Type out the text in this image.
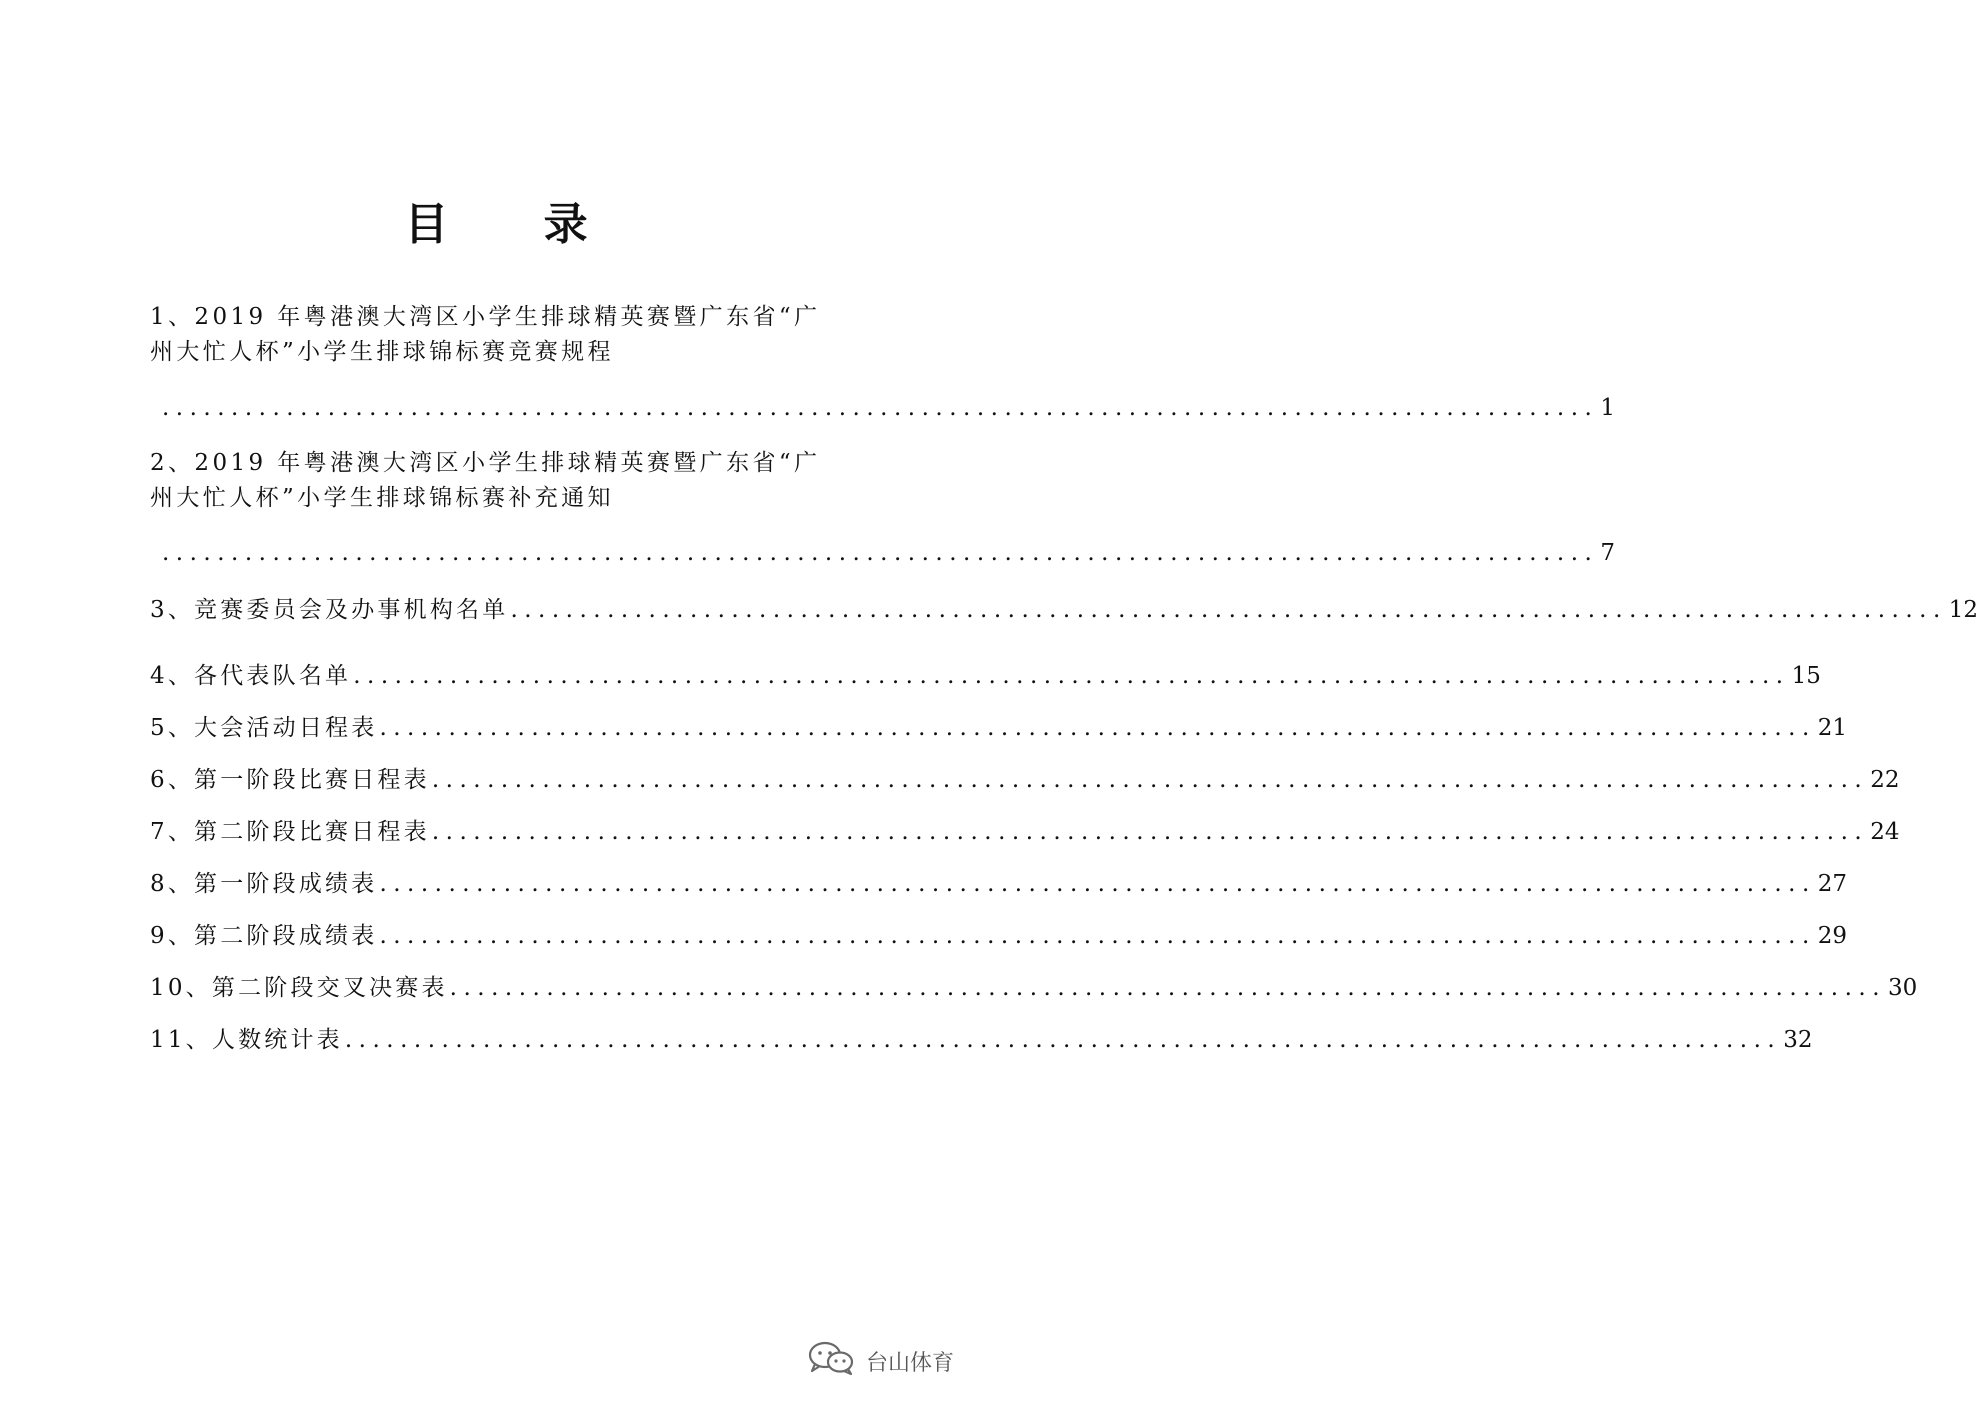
目 录
1、2019 年粤港澳大湾区小学生排球精英赛暨广东省“广州大忙人杯”小学生排球锦标赛竞赛规程
........................................................................................................ 1
2、2019 年粤港澳大湾区小学生排球精英赛暨广东省“广州大忙人杯”小学生排球锦标赛补充通知
........................................................................................................ 7
3、竞赛委员会及办事机构名单 ........................................................................................................ 12
4、各代表队名单 ........................................................................................................ 15
5、大会活动日程表 ........................................................................................................ 21
6、第一阶段比赛日程表 ........................................................................................................ 22
7、第二阶段比赛日程表 ........................................................................................................ 24
8、第一阶段成绩表 ........................................................................................................ 27
9、第二阶段成绩表 ........................................................................................................ 29
10、第二阶段交叉决赛表 ........................................................................................................ 30
11、人数统计表 ........................................................................................................ 32
台山体育
